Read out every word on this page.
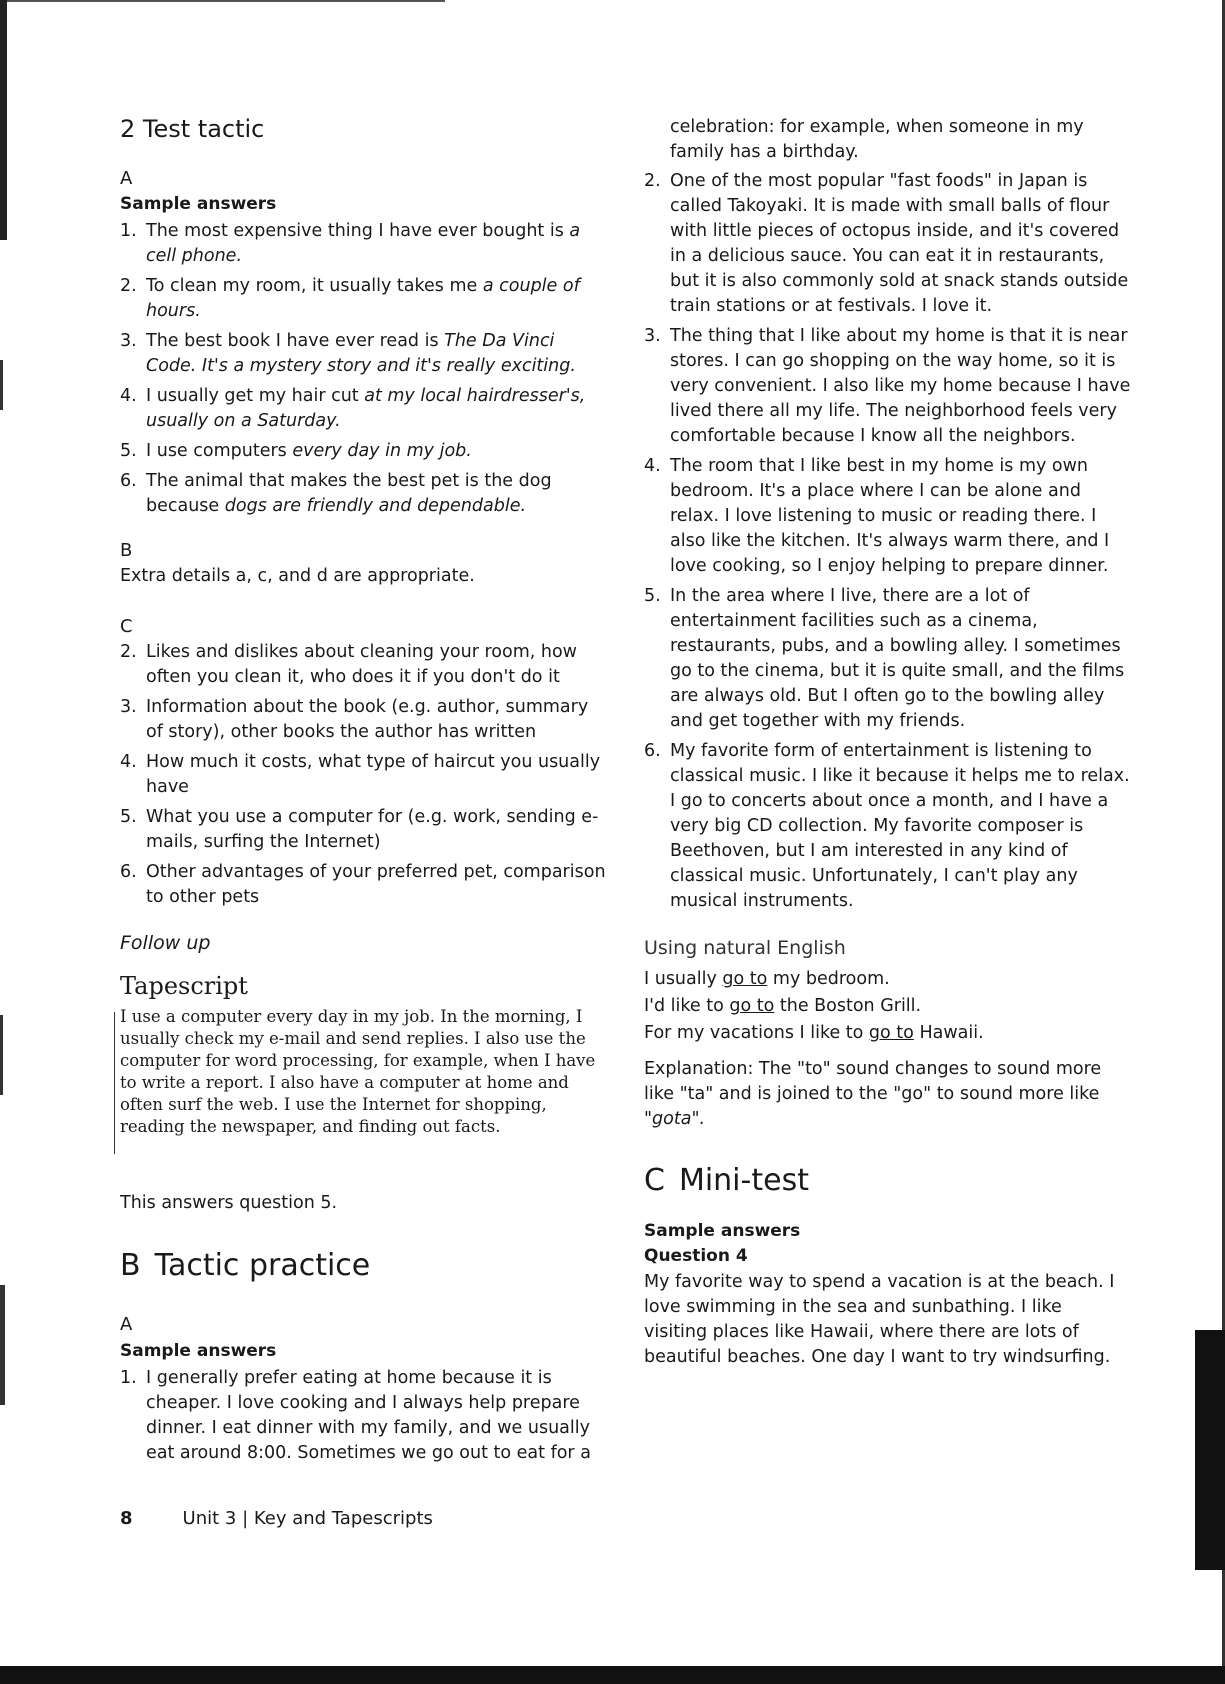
2 Test tactic
A
Sample answers
1. The most expensive thing I have ever bought is a cell phone.
2. To clean my room, it usually takes me a couple of hours.
3. The best book I have ever read is The Da Vinci Code. It's a mystery story and it's really exciting.
4. I usually get my hair cut at my local hairdresser's, usually on a Saturday.
5. I use computers every day in my job.
6. The animal that makes the best pet is the dog because dogs are friendly and dependable.
B
Extra details a, c, and d are appropriate.
C
2. Likes and dislikes about cleaning your room, how often you clean it, who does it if you don't do it
3. Information about the book (e.g. author, summary of story), other books the author has written
4. How much it costs, what type of haircut you usually have
5. What you use a computer for (e.g. work, sending e-mails, surfing the Internet)
6. Other advantages of your preferred pet, comparison to other pets
Follow up
Tapescript
I use a computer every day in my job. In the morning, I usually check my e-mail and send replies. I also use the computer for word processing, for example, when I have to write a report. I also have a computer at home and often surf the web. I use the Internet for shopping, reading the newspaper, and finding out facts.
This answers question 5.
B Tactic practice
A
Sample answers
1. I generally prefer eating at home because it is cheaper. I love cooking and I always help prepare dinner. I eat dinner with my family, and we usually eat around 8:00. Sometimes we go out to eat for a
8	Unit 3 | Key and Tapescripts
celebration: for example, when someone in my family has a birthday.
2. One of the most popular "fast foods" in Japan is called Takoyaki. It is made with small balls of flour with little pieces of octopus inside, and it's covered in a delicious sauce. You can eat it in restaurants, but it is also commonly sold at snack stands outside train stations or at festivals. I love it.
3. The thing that I like about my home is that it is near stores. I can go shopping on the way home, so it is very convenient. I also like my home because I have lived there all my life. The neighborhood feels very comfortable because I know all the neighbors.
4. The room that I like best in my home is my own bedroom. It's a place where I can be alone and relax. I love listening to music or reading there. I also like the kitchen. It's always warm there, and I love cooking, so I enjoy helping to prepare dinner.
5. In the area where I live, there are a lot of entertainment facilities such as a cinema, restaurants, pubs, and a bowling alley. I sometimes go to the cinema, but it is quite small, and the films are always old. But I often go to the bowling alley and get together with my friends.
6. My favorite form of entertainment is listening to classical music. I like it because it helps me to relax. I go to concerts about once a month, and I have a very big CD collection. My favorite composer is Beethoven, but I am interested in any kind of classical music. Unfortunately, I can't play any musical instruments.
Using natural English
I usually go to my bedroom.
I'd like to go to the Boston Grill.
For my vacations I like to go to Hawaii.
Explanation: The "to" sound changes to sound more like "ta" and is joined to the "go" to sound more like "gota".
C Mini-test
Sample answers
Question 4
My favorite way to spend a vacation is at the beach. I love swimming in the sea and sunbathing. I like visiting places like Hawaii, where there are lots of beautiful beaches. One day I want to try windsurfing.
